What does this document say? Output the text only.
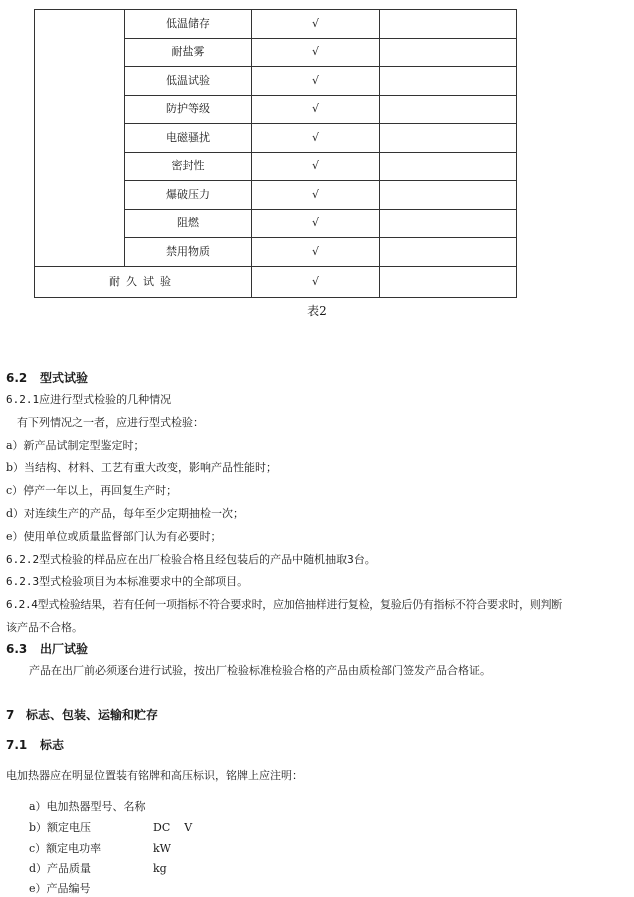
	低温储存	√	
	耐盐雾	√	
	低温试验	√	
	防护等级	√	
	电磁骚扰	√	
	密封性	√	
	爆破压力	√	
	阻燃	√	
	禁用物质	√	
耐久试验		√	
表2
6.2 型式试验
6.2.1应进行型式检验的几种情况
有下列情况之一者，应进行型式检验：
a）新产品试制定型鉴定时；
b）当结构、材料、工艺有重大改变，影响产品性能时；
c）停产一年以上，再回复生产时；
d）对连续生产的产品，每年至少定期抽检一次；
e）使用单位或质量监督部门认为有必要时；
6.2.2型式检验的样品应在出厂检验合格且经包装后的产品中随机抽取3台。
6.2.3型式检验项目为本标准要求中的全部项目。
6.2.4型式检验结果，若有任何一项指标不符合要求时，应加倍抽样进行复检，复验后仍有指标不符合要求时，则判断
该产品不合格。
6.3 出厂试验
产品在出厂前必须逐台进行试验，按出厂检验标准检验合格的产品由质检部门签发产品合格证。
7 标志、包装、运输和贮存
7.1 标志
电加热器应在明显位置装有铭牌和高压标识，铭牌上应注明：
a）电加热器型号、名称
b）额定电压	DC    V
c）额定电功率	kW
d）产品质量	kg
e）产品编号
